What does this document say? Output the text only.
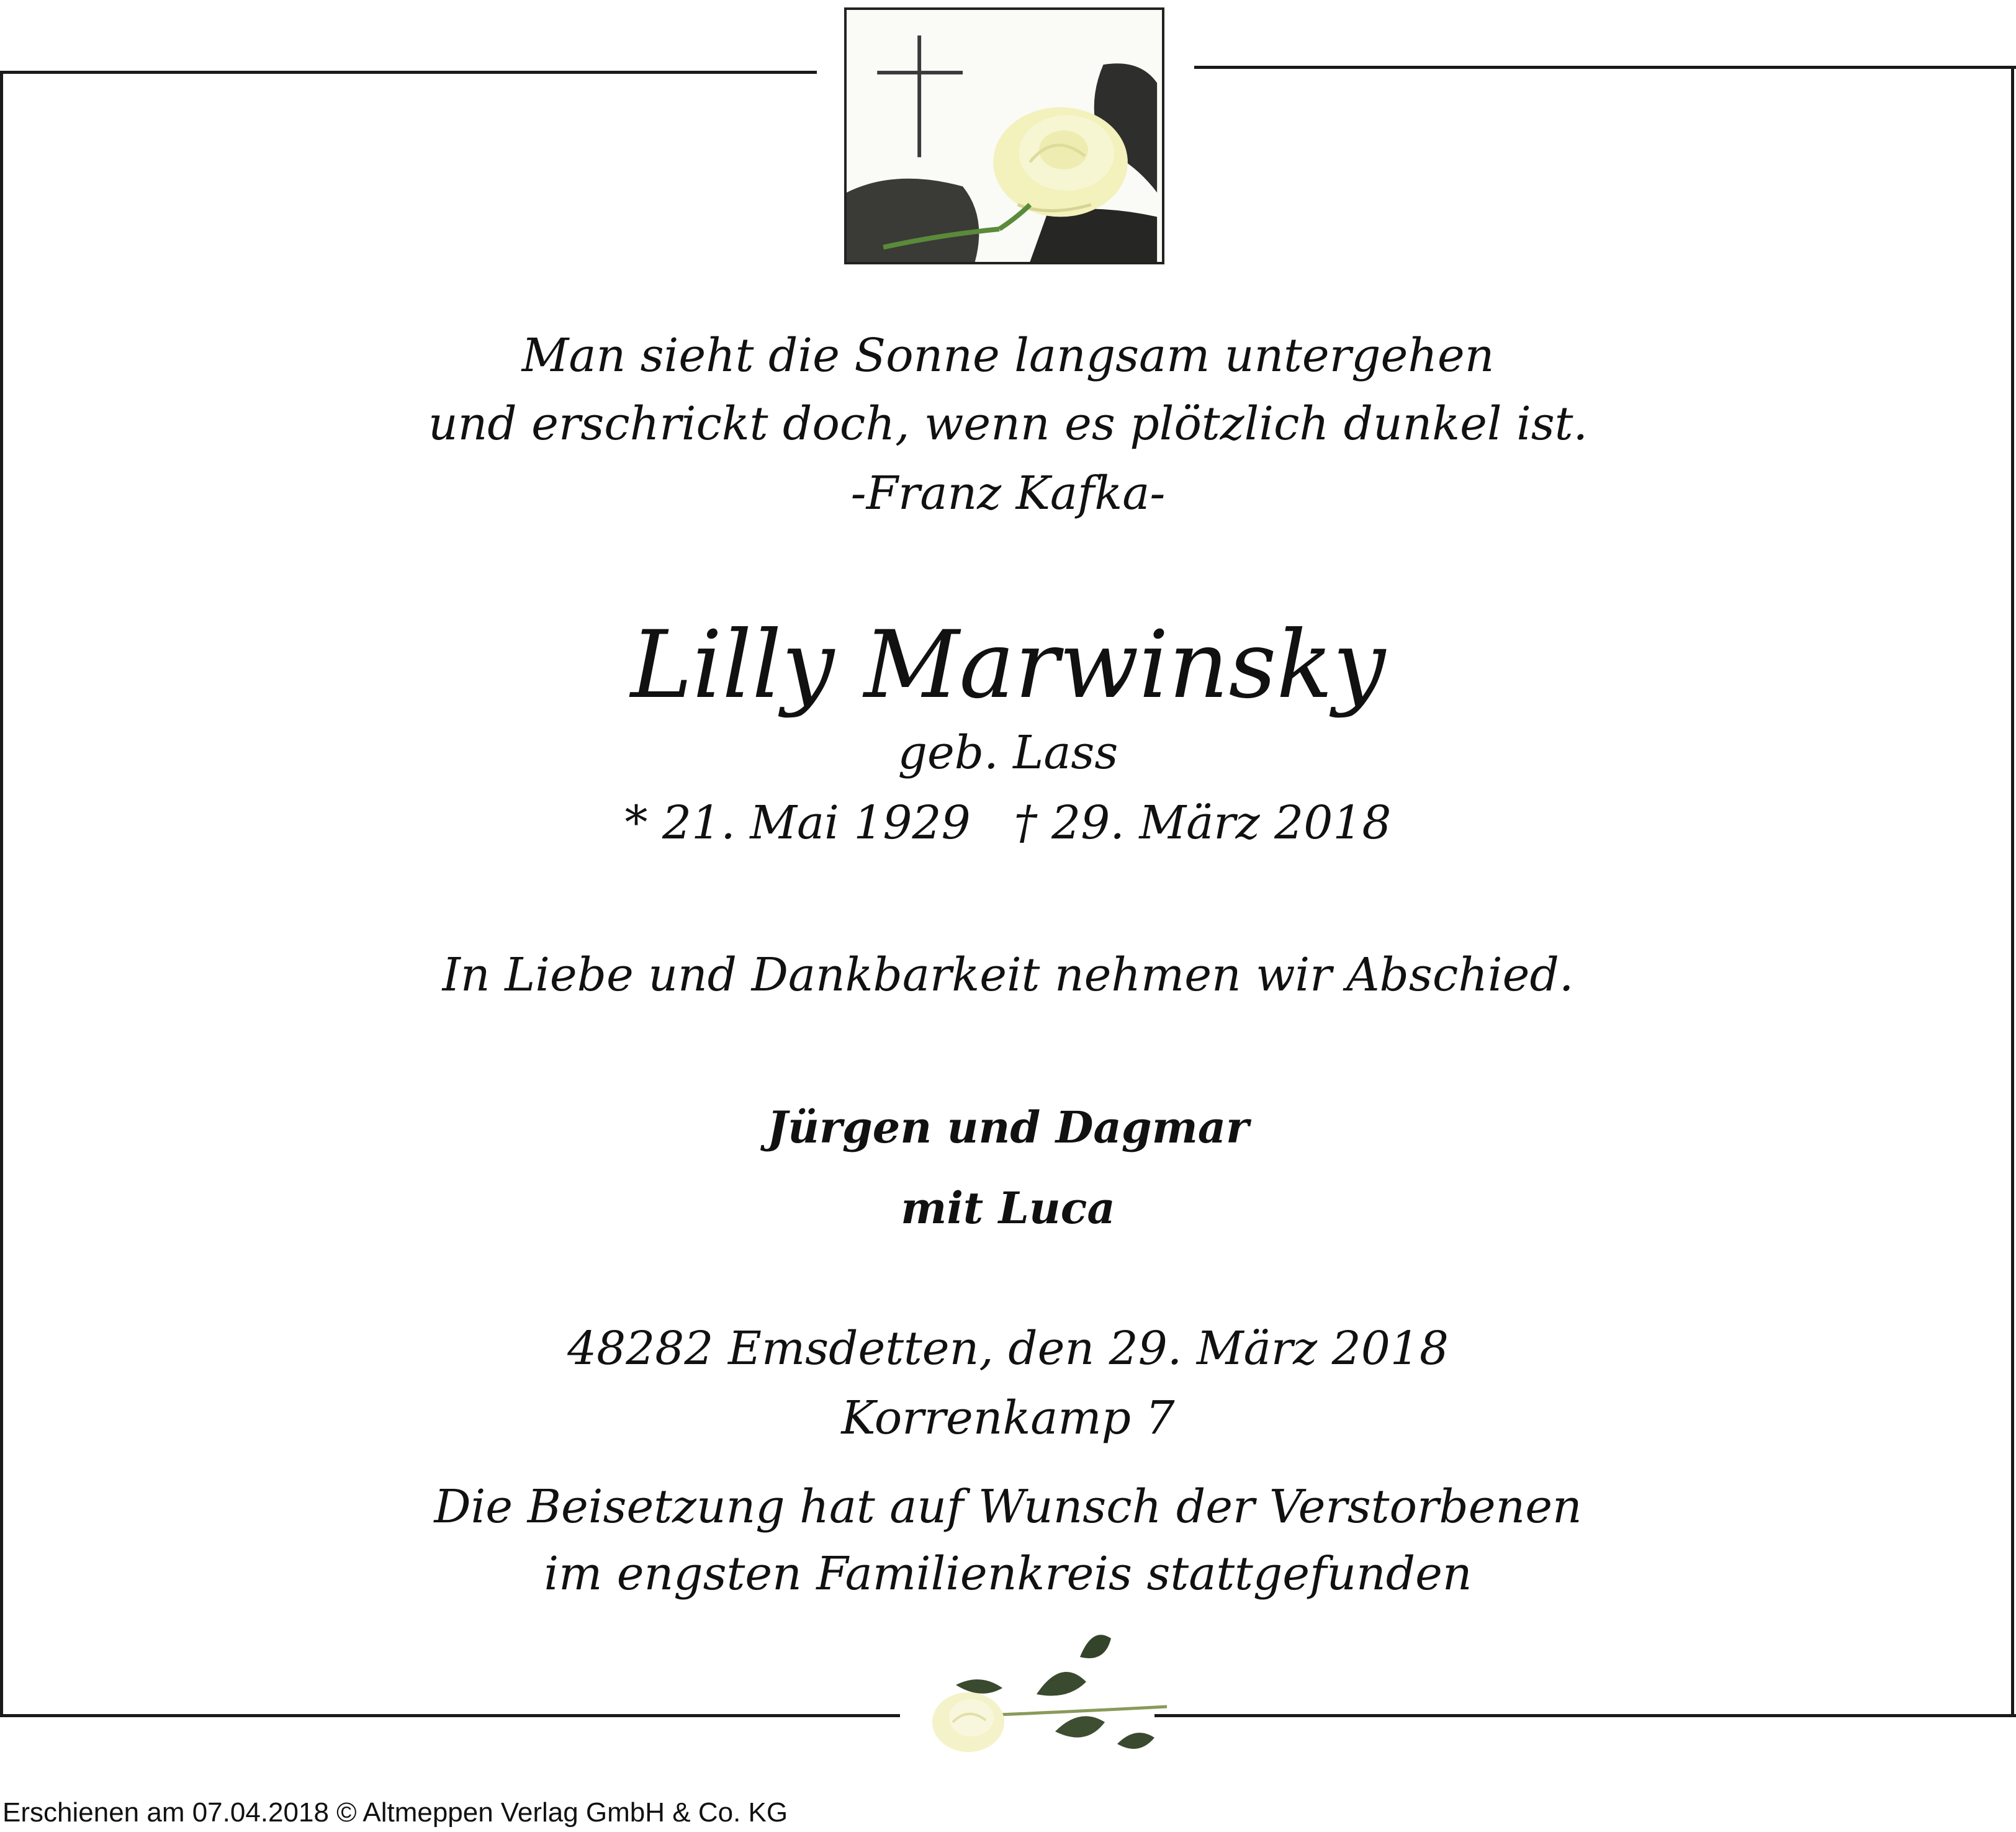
Man sieht die Sonne langsam untergehen
und erschrickt doch, wenn es plötzlich dunkel ist.
-Franz Kafka-
Lilly Marwinsky
geb. Lass
* 21. Mai 1929 † 29. März 2018
In Liebe und Dankbarkeit nehmen wir Abschied.
Jürgen und Dagmar
mit Luca
48282 Emsdetten, den 29. März 2018
Korrenkamp 7
Die Beisetzung hat auf Wunsch der Verstorbenen
im engsten Familienkreis stattgefunden
Erschienen am 07.04.2018 © Altmeppen Verlag GmbH & Co. KG
